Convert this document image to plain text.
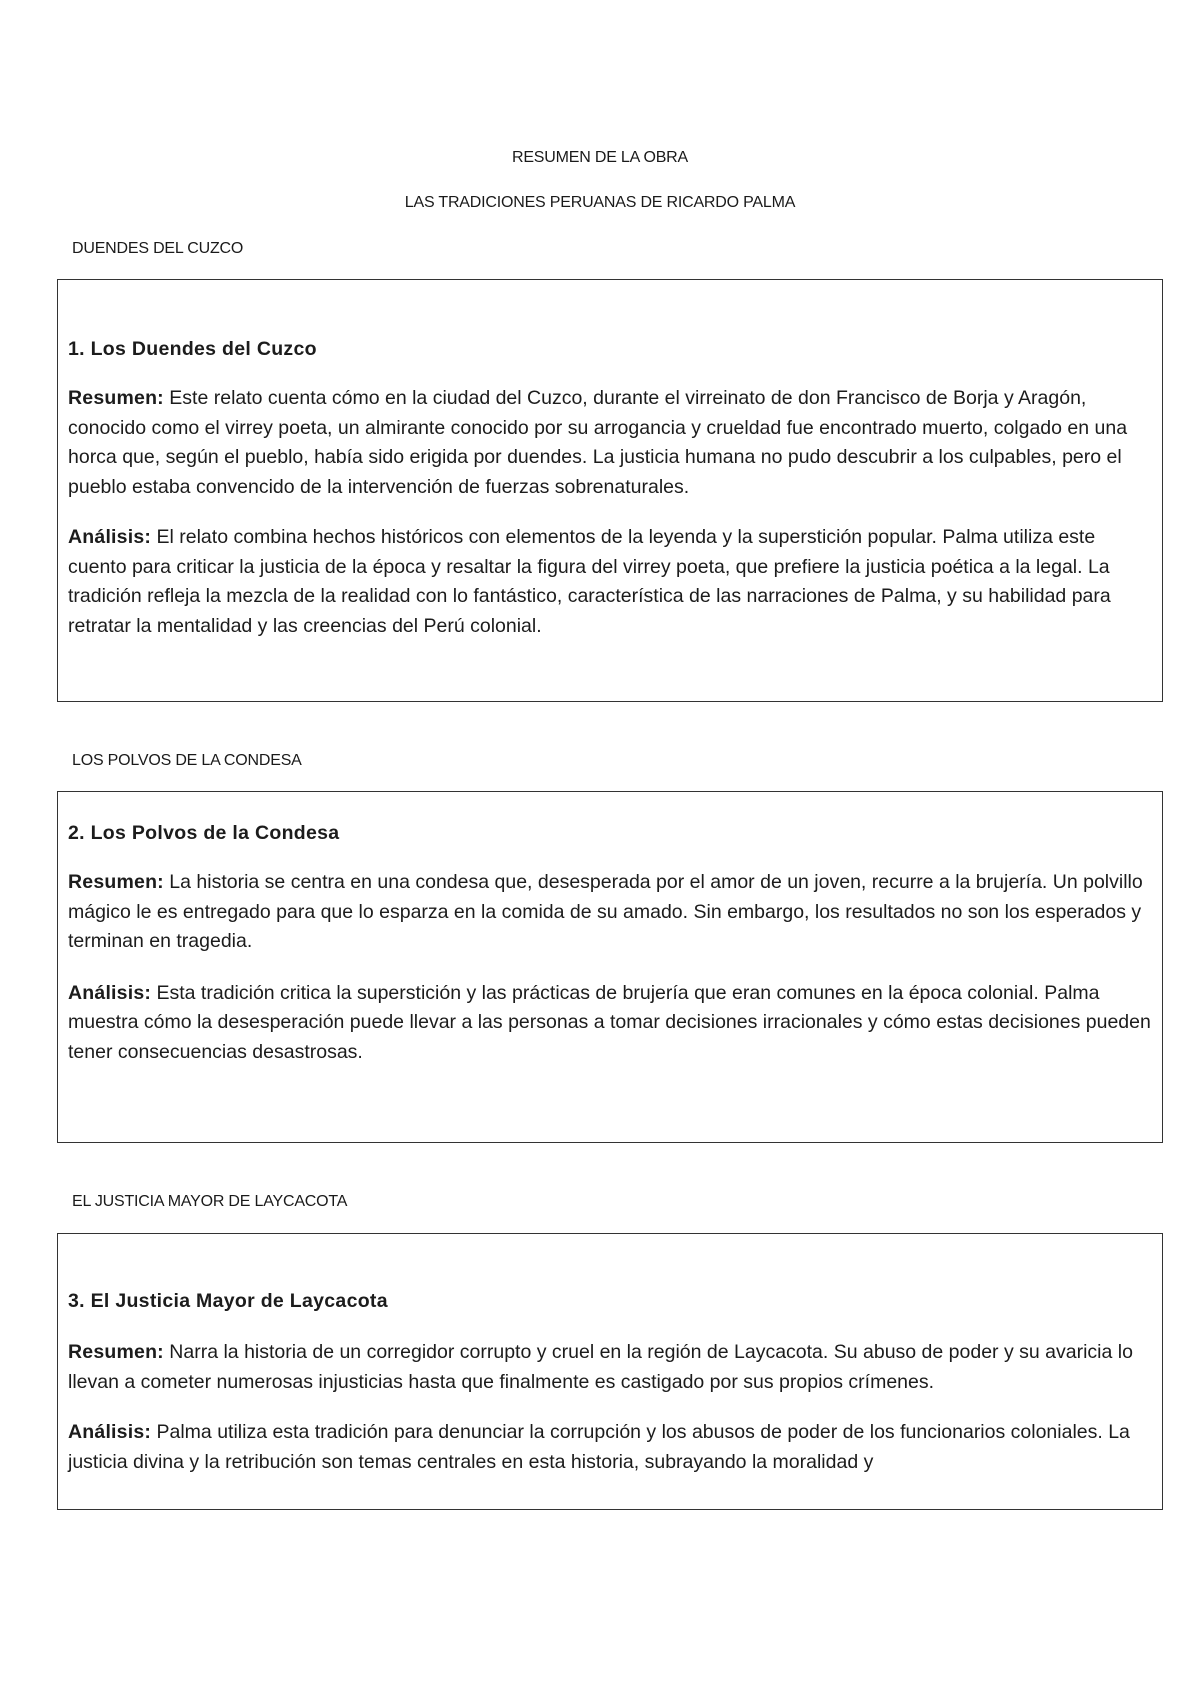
RESUMEN DE LA OBRA
LAS TRADICIONES PERUANAS DE RICARDO PALMA
DUENDES DEL CUZCO
1. Los Duendes del Cuzco

Resumen: Este relato cuenta cómo en la ciudad del Cuzco, durante el virreinato de don Francisco de Borja y Aragón, conocido como el virrey poeta, un almirante conocido por su arrogancia y crueldad fue encontrado muerto, colgado en una horca que, según el pueblo, había sido erigida por duendes. La justicia humana no pudo descubrir a los culpables, pero el pueblo estaba convencido de la intervención de fuerzas sobrenaturales.

Análisis: El relato combina hechos históricos con elementos de la leyenda y la superstición popular. Palma utiliza este cuento para criticar la justicia de la época y resaltar la figura del virrey poeta, que prefiere la justicia poética a la legal. La tradición refleja la mezcla de la realidad con lo fantástico, característica de las narraciones de Palma, y su habilidad para retratar la mentalidad y las creencias del Perú colonial.

LOS POLVOS DE LA CONDESA
2. Los Polvos de la Condesa

Resumen: La historia se centra en una condesa que, desesperada por el amor de un joven, recurre a la brujería. Un polvillo mágico le es entregado para que lo esparza en la comida de su amado. Sin embargo, los resultados no son los esperados y terminan en tragedia.

Análisis: Esta tradición critica la superstición y las prácticas de brujería que eran comunes en la época colonial. Palma muestra cómo la desesperación puede llevar a las personas a tomar decisiones irracionales y cómo estas decisiones pueden tener consecuencias desastrosas.

EL JUSTICIA MAYOR DE LAYCACOTA
3. El Justicia Mayor de Laycacota

Resumen: Narra la historia de un corregidor corrupto y cruel en la región de Laycacota. Su abuso de poder y su avaricia lo llevan a cometer numerosas injusticias hasta que finalmente es castigado por sus propios crímenes.

Análisis: Palma utiliza esta tradición para denunciar la corrupción y los abusos de poder de los funcionarios coloniales. La justicia divina y la retribución son temas centrales en esta historia, subrayando la moralidad y
